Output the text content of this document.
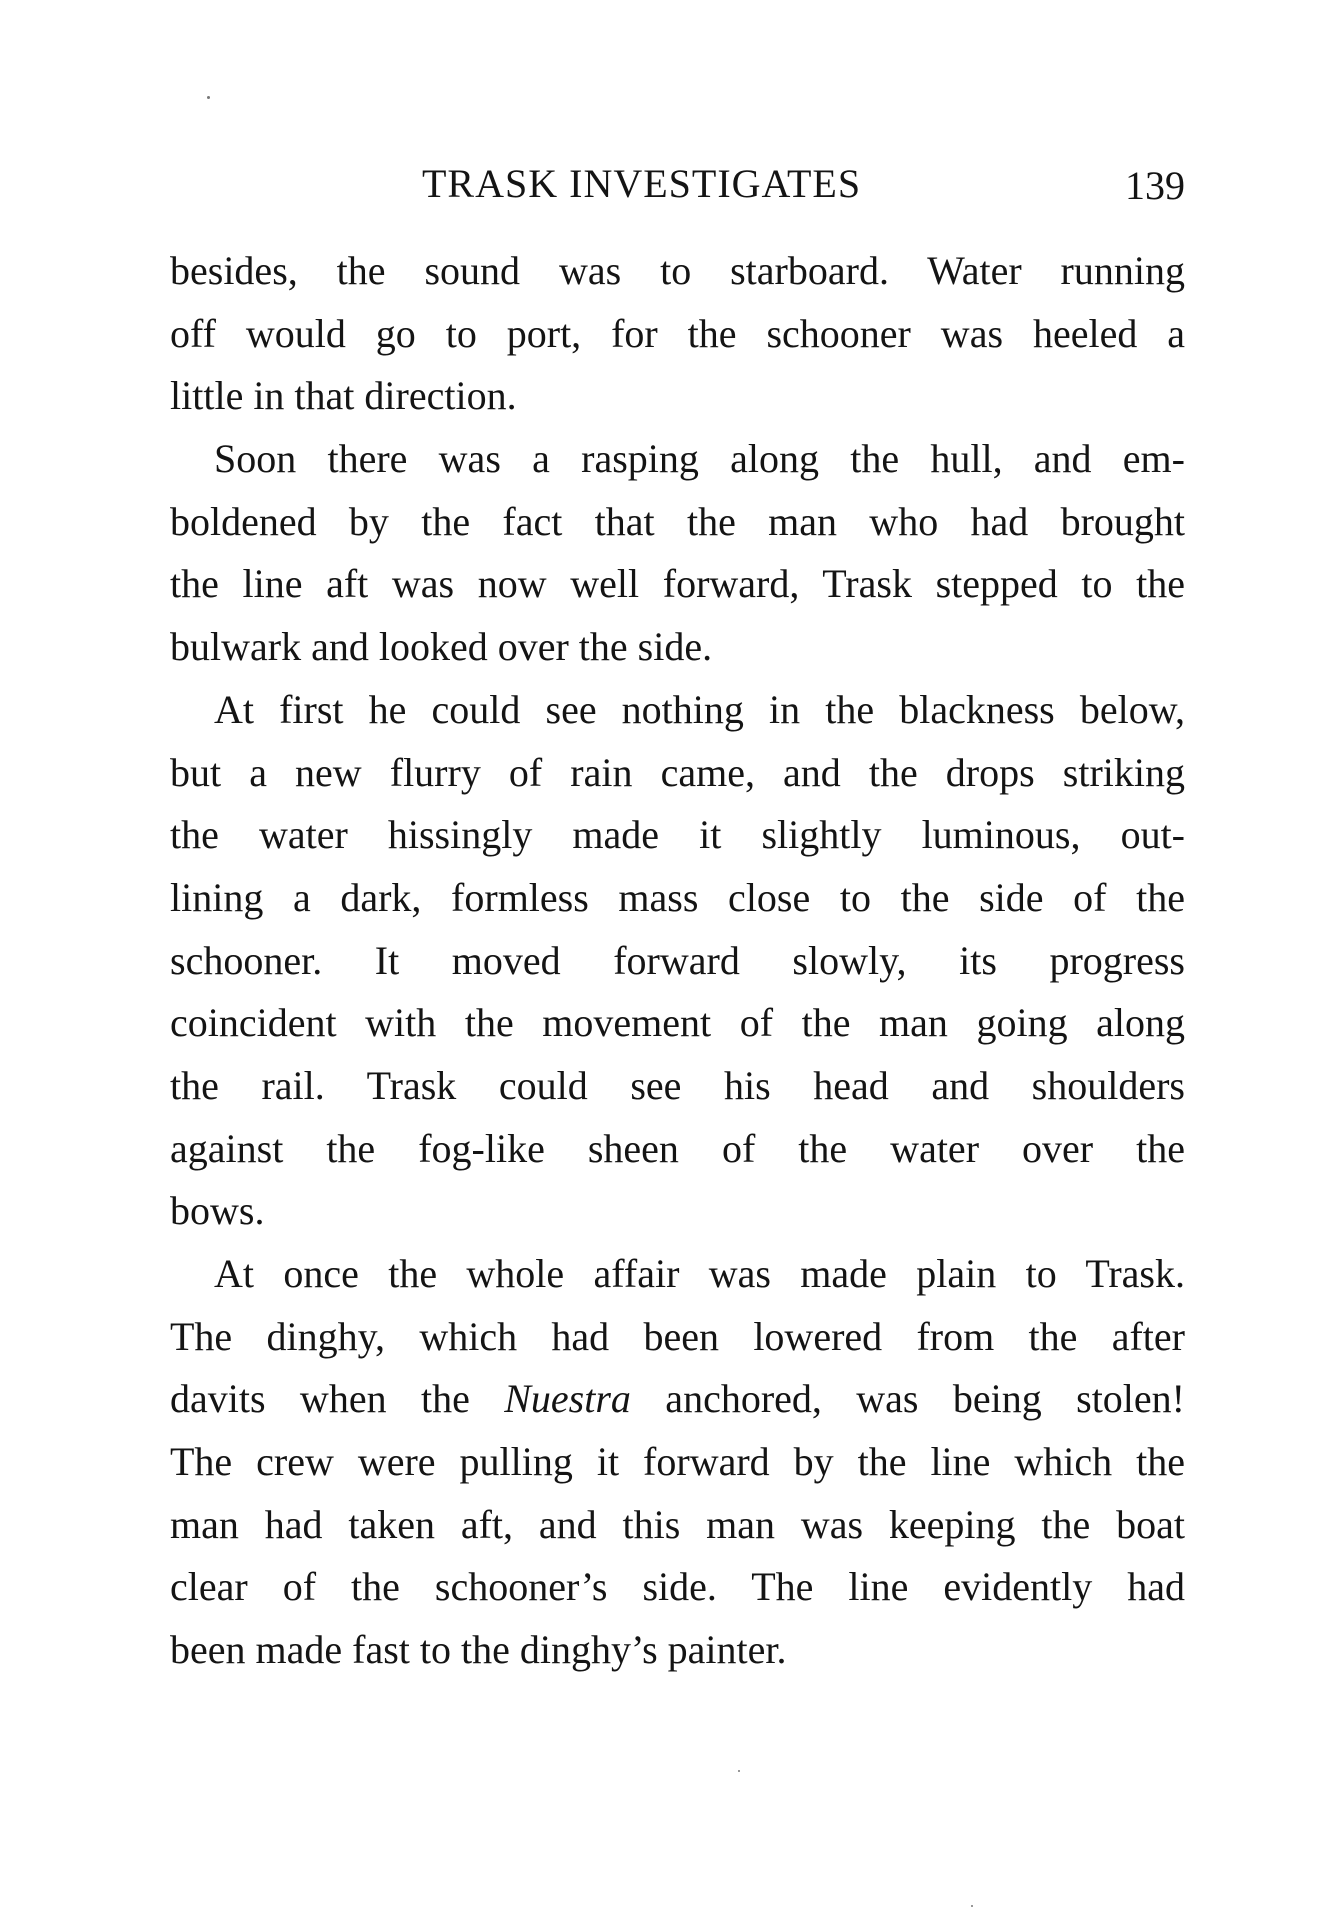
TRASK INVESTIGATES	139
besides, the sound was to starboard. Water running
off would go to port, for the schooner was heeled a
little in that direction.
Soon there was a rasping along the hull, and em-
boldened by the fact that the man who had brought
the line aft was now well forward, Trask stepped to the
bulwark and looked over the side.
At first he could see nothing in the blackness below,
but a new flurry of rain came, and the drops striking
the water hissingly made it slightly luminous, out-
lining a dark, formless mass close to the side of the
schooner. It moved forward slowly, its progress
coincident with the movement of the man going along
the rail. Trask could see his head and shoulders
against the fog-like sheen of the water over the
bows.
At once the whole affair was made plain to Trask.
The dinghy, which had been lowered from the after
davits when the Nuestra anchored, was being stolen!
The crew were pulling it forward by the line which the
man had taken aft, and this man was keeping the boat
clear of the schooner’s side. The line evidently had
been made fast to the dinghy’s painter.
